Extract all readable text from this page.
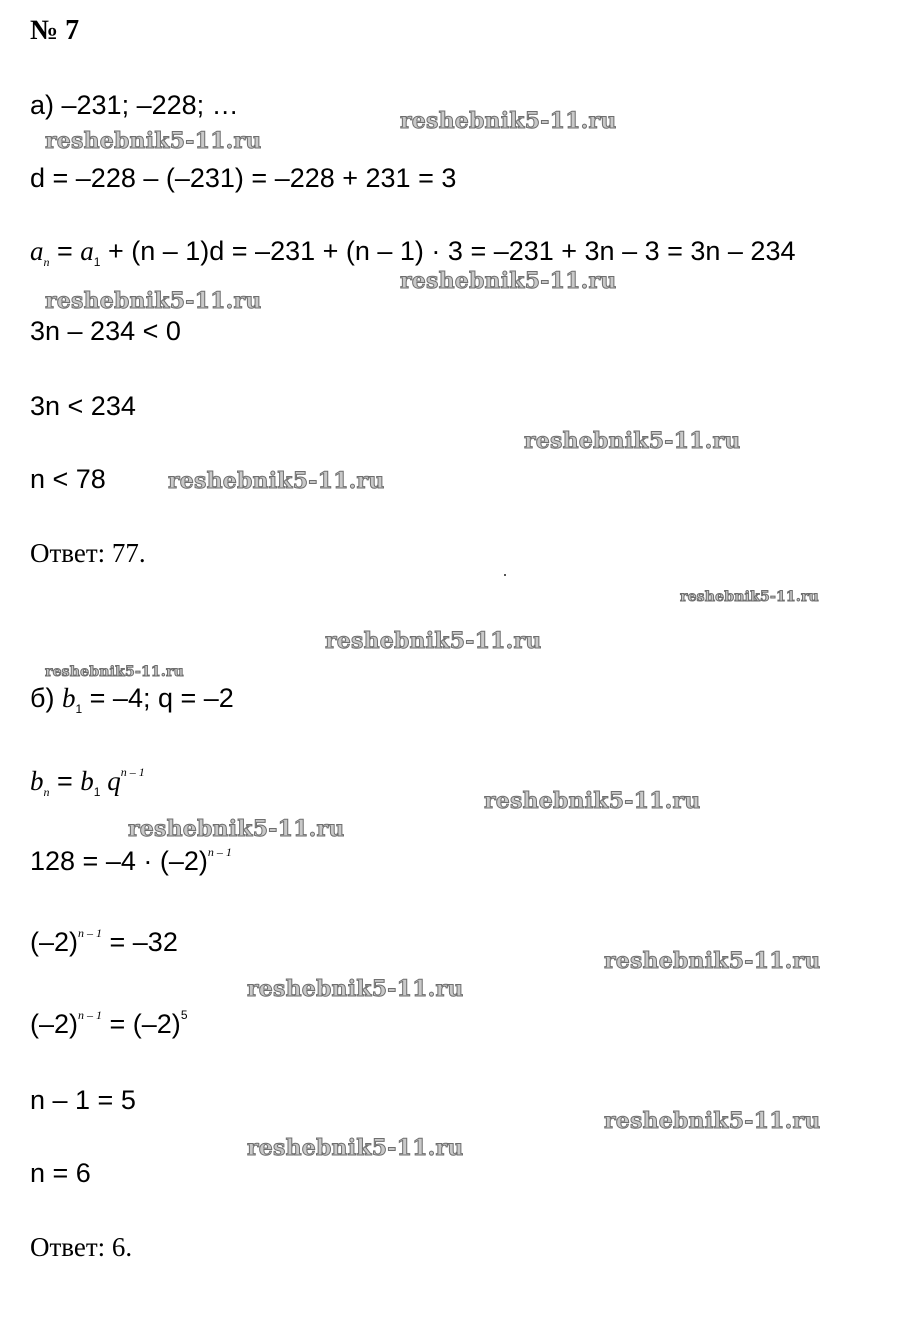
№ 7
а) –231; –228; …
d = –228 – (–231) = –228 + 231 = 3
$a_n = a_1 + (n - 1)d = -231 + (n - 1) \cdot 3 = -231 + 3n - 3 = 3n - 234$
3n – 234 < 0
3n < 234
n < 78
Ответ: 77.
б) $b_1 = -4$; q = –2
$b_n = b_1$ $q^{n - 1}$
$128 = -4 \cdot (-2)^{n - 1}$
$(-2)^{n - 1} = -32$
$(-2)^{n - 1} = (-2)^5$
n – 1 = 5
n = 6
Ответ: 6.
reshebnik5-11.ru
reshebnik5-11.ru
reshebnik5-11.ru
reshebnik5-11.ru
reshebnik5-11.ru
reshebnik5-11.ru
reshebnik5-11.ru
reshebnik5-11.ru
reshebnik5-11.ru
reshebnik5-11.ru
reshebnik5-11.ru
reshebnik5-11.ru
reshebnik5-11.ru
reshebnik5-11.ru
reshebnik5-11.ru
